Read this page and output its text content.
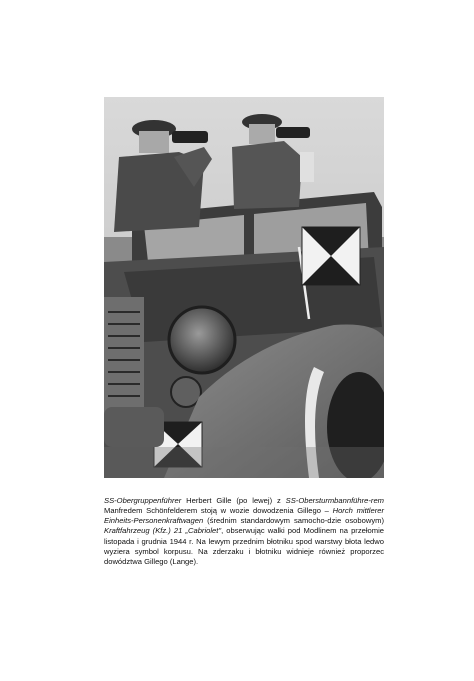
SS-Obergruppenführer Herbert Gille (po lewej) z SS-Obersturmbannführe-rem Manfredem Schönfelderem stoją w wozie dowodzenia Gillego – Horch mittlerer Einheits-Personenkraftwagen (średnim standardowym samocho-dzie osobowym) Kraftfahrzeug (Kfz.) 21 „Cabriolet", obserwując walki pod Modlinem na przełomie listopada i grudnia 1944 r. Na lewym przednim błotniku spod warstwy błota ledwo wyziera symbol korpusu. Na zderzaku i błotniku widnieje również proporzec dowództwa Gillego (Lange).
